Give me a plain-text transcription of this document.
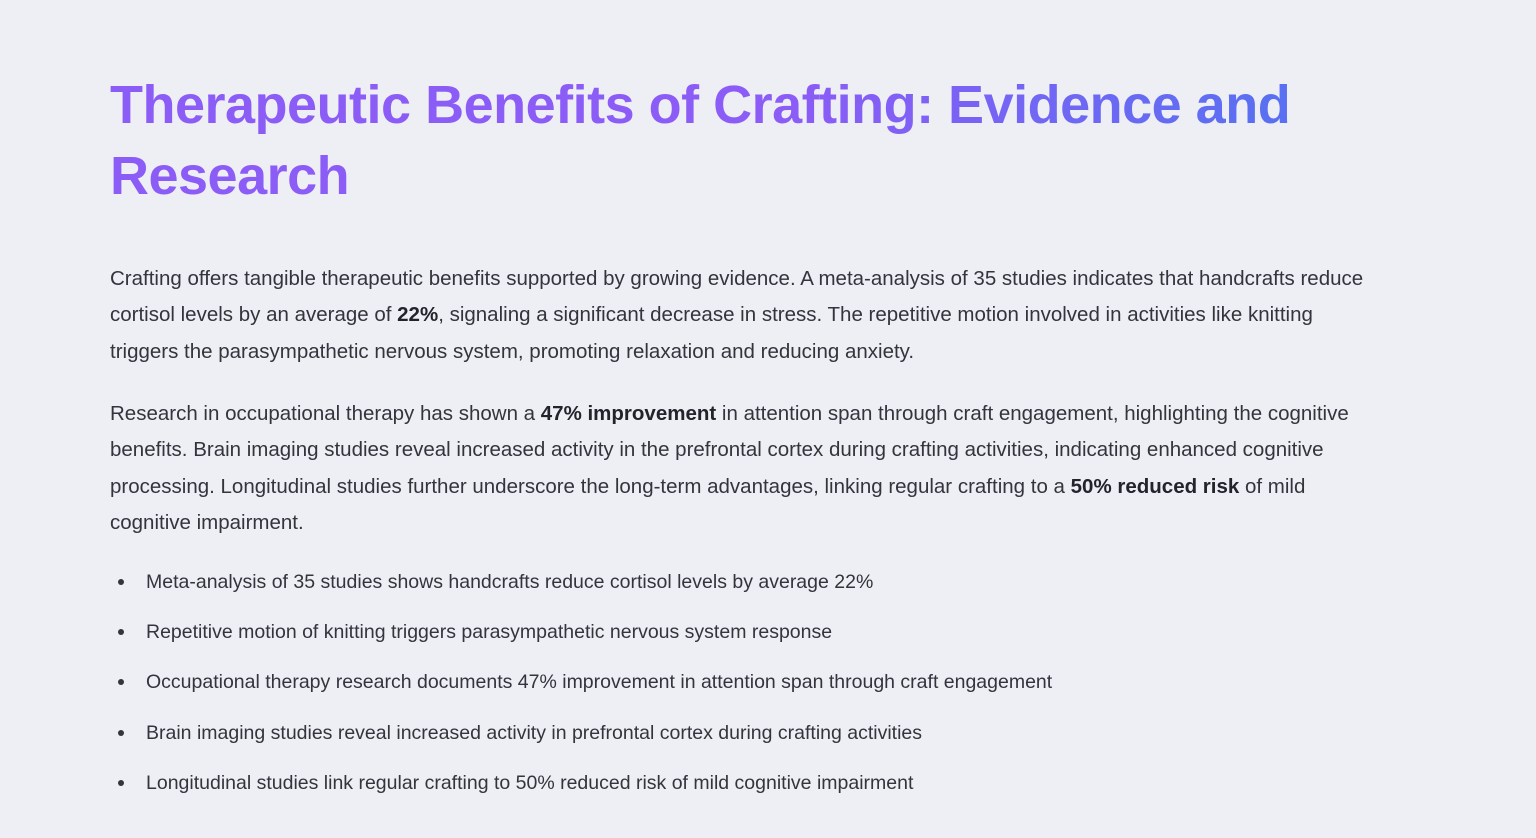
Therapeutic Benefits of Crafting: Evidence and Research

Crafting offers tangible therapeutic benefits supported by growing evidence. A meta-analysis of 35 studies indicates that handcrafts reduce cortisol levels by an average of 22%, signaling a significant decrease in stress. The repetitive motion involved in activities like knitting triggers the parasympathetic nervous system, promoting relaxation and reducing anxiety.

Research in occupational therapy has shown a 47% improvement in attention span through craft engagement, highlighting the cognitive benefits. Brain imaging studies reveal increased activity in the prefrontal cortex during crafting activities, indicating enhanced cognitive processing. Longitudinal studies further underscore the long-term advantages, linking regular crafting to a 50% reduced risk of mild cognitive impairment.

Meta-analysis of 35 studies shows handcrafts reduce cortisol levels by average 22%
Repetitive motion of knitting triggers parasympathetic nervous system response
Occupational therapy research documents 47% improvement in attention span through craft engagement
Brain imaging studies reveal increased activity in prefrontal cortex during crafting activities
Longitudinal studies link regular crafting to 50% reduced risk of mild cognitive impairment
